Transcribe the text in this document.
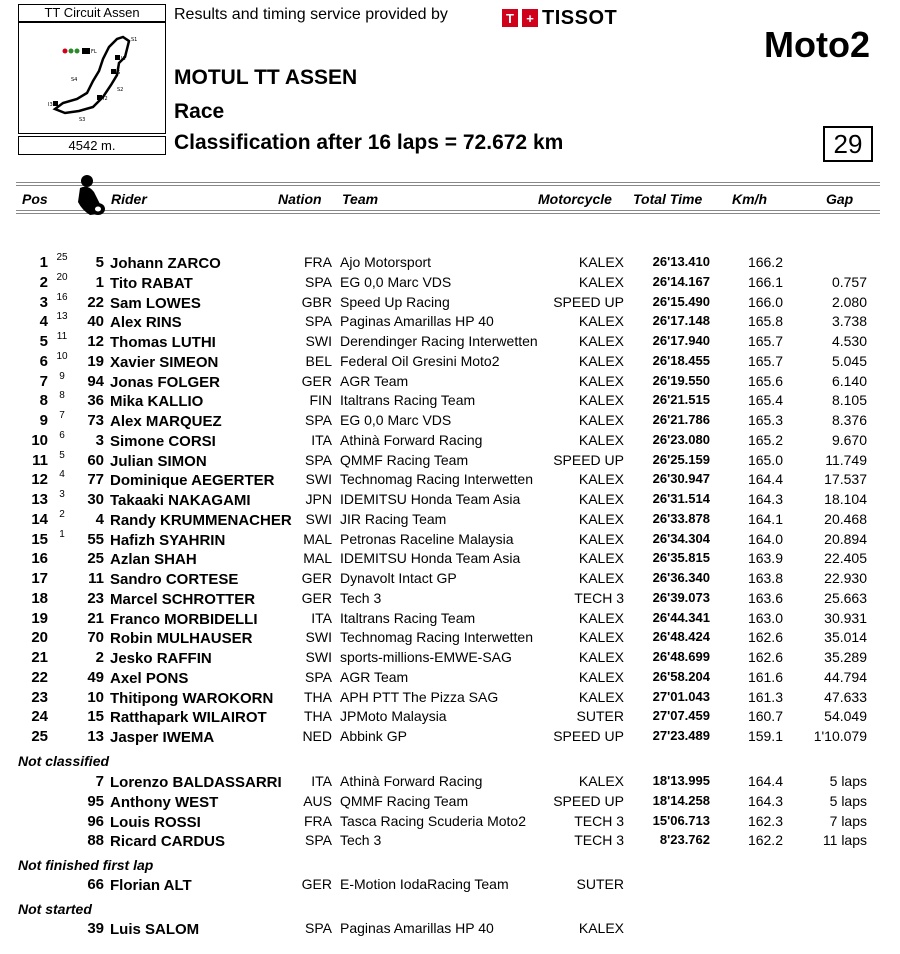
TT Circuit Assen
FL
S1
I1
S
S2
I2
S4
I3
S3
4542 m.
Results and timing service provided by	T + TISSOT
Moto2
MOTUL TT ASSEN
Race
Classification after 16 laps = 72.672 km	29
Pos	Rider	Nation Team	Motorcycle Total Time Km/h	Gap
1 25	5 Johann ZARCO	FRA Ajo Motorsport	KALEX	26'13.410	166.2
2 20	1 Tito RABAT	SPA EG 0,0 Marc VDS	KALEX	26'14.167	166.1	0.757
3 16	22 Sam LOWES	GBR Speed Up Racing	SPEED UP	26'15.490	166.0	2.080
4 13	40 Alex RINS	SPA Paginas Amarillas HP 40	KALEX	26'17.148	165.8	3.738
5 11	12 Thomas LUTHI	SWI Derendinger Racing Interwetten	KALEX	26'17.940	165.7	4.530
6 10	19 Xavier SIMEON	BEL Federal Oil Gresini Moto2	KALEX	26'18.455	165.7	5.045
7	9	94 Jonas FOLGER	GER AGR Team	KALEX	26'19.550	165.6	6.140
8	8	36 Mika KALLIO	FIN Italtrans Racing Team	KALEX	26'21.515	165.4	8.105
9	7	73 Alex MARQUEZ	SPA EG 0,0 Marc VDS	KALEX	26'21.786	165.3	8.376
10	6	3 Simone CORSI	ITA Athinà Forward Racing	KALEX	26'23.080	165.2	9.670
11	5	60 Julian SIMON	SPA QMMF Racing Team	SPEED UP	26'25.159	165.0	11.749
12	4	77 Dominique AEGERTER	SWI Technomag Racing Interwetten	KALEX	26'30.947	164.4	17.537
13	3	30 Takaaki NAKAGAMI	JPN IDEMITSU Honda Team Asia	KALEX	26'31.514	164.3	18.104
14	2	4 Randy KRUMMENACHER SWI JIR Racing Team	KALEX	26'33.878	164.1	20.468
15	1	55 Hafizh SYAHRIN	MAL Petronas Raceline Malaysia	KALEX	26'34.304	164.0	20.894
16	25 Azlan SHAH	MAL IDEMITSU Honda Team Asia	KALEX	26'35.815	163.9	22.405
17	11 Sandro CORTESE	GER Dynavolt Intact GP	KALEX	26'36.340	163.8	22.930
18	23 Marcel SCHROTTER	GER Tech 3	TECH 3	26'39.073	163.6	25.663
19	21 Franco MORBIDELLI	ITA Italtrans Racing Team	KALEX	26'44.341	163.0	30.931
20	70 Robin MULHAUSER	SWI Technomag Racing Interwetten	KALEX	26'48.424	162.6	35.014
21	2 Jesko RAFFIN	SWI sports-millions-EMWE-SAG	KALEX	26'48.699	162.6	35.289
22	49 Axel PONS	SPA AGR Team	KALEX	26'58.204	161.6	44.794
23	10 Thitipong WAROKORN	THA APH PTT The Pizza SAG	KALEX	27'01.043	161.3	47.633
24	15 Ratthapark WILAIROT	THA JPMoto Malaysia	SUTER	27'07.459	160.7	54.049
25	13 Jasper IWEMA	NED Abbink GP	SPEED UP	27'23.489	159.1	1'10.079
Not classified
7 Lorenzo BALDASSARRI	ITA Athinà Forward Racing	KALEX	18'13.995	164.4	5 laps
95 Anthony WEST	AUS QMMF Racing Team	SPEED UP	18'14.258	164.3	5 laps
96 Louis ROSSI	FRA Tasca Racing Scuderia Moto2	TECH 3	15'06.713	162.3	7 laps
88 Ricard CARDUS	SPA Tech 3	TECH 3	8'23.762	162.2	11 laps
Not finished first lap
66 Florian ALT	GER E-Motion IodaRacing Team	SUTER
Not started
39 Luis SALOM	SPA Paginas Amarillas HP 40	KALEX
